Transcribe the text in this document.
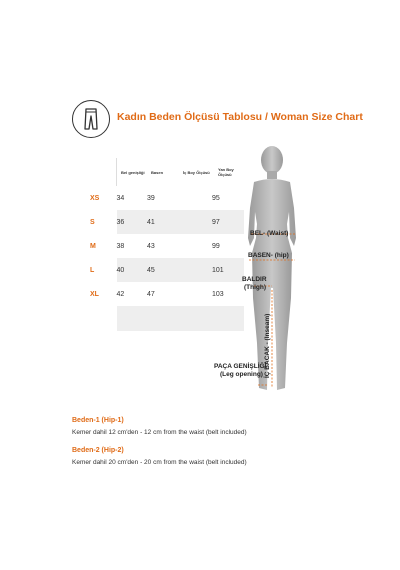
Kadın Beden Ölçüsü Tablosu / Woman Size Chart
	Bel genişliği	Basen	İç Boy Ölçüsü	Yan Boy Ölçüsü
XS	34	39		95
S	36	41		97
M	38	43		99
L	40	45		101
XL	42	47		103

BEL- (Waist)
BASEN- (hip)
BALDIR
(Thigh)
İÇ BACAK - (Inseam)
PAÇA GENİŞLİĞİ
(Leg opening)
Beden-1 (Hip-1)
Kemer dahil 12 cm'den - 12 cm from the waist (belt included)
Beden-2 (Hip-2)
Kemer dahil 20 cm'den - 20 cm from the waist (belt included)
